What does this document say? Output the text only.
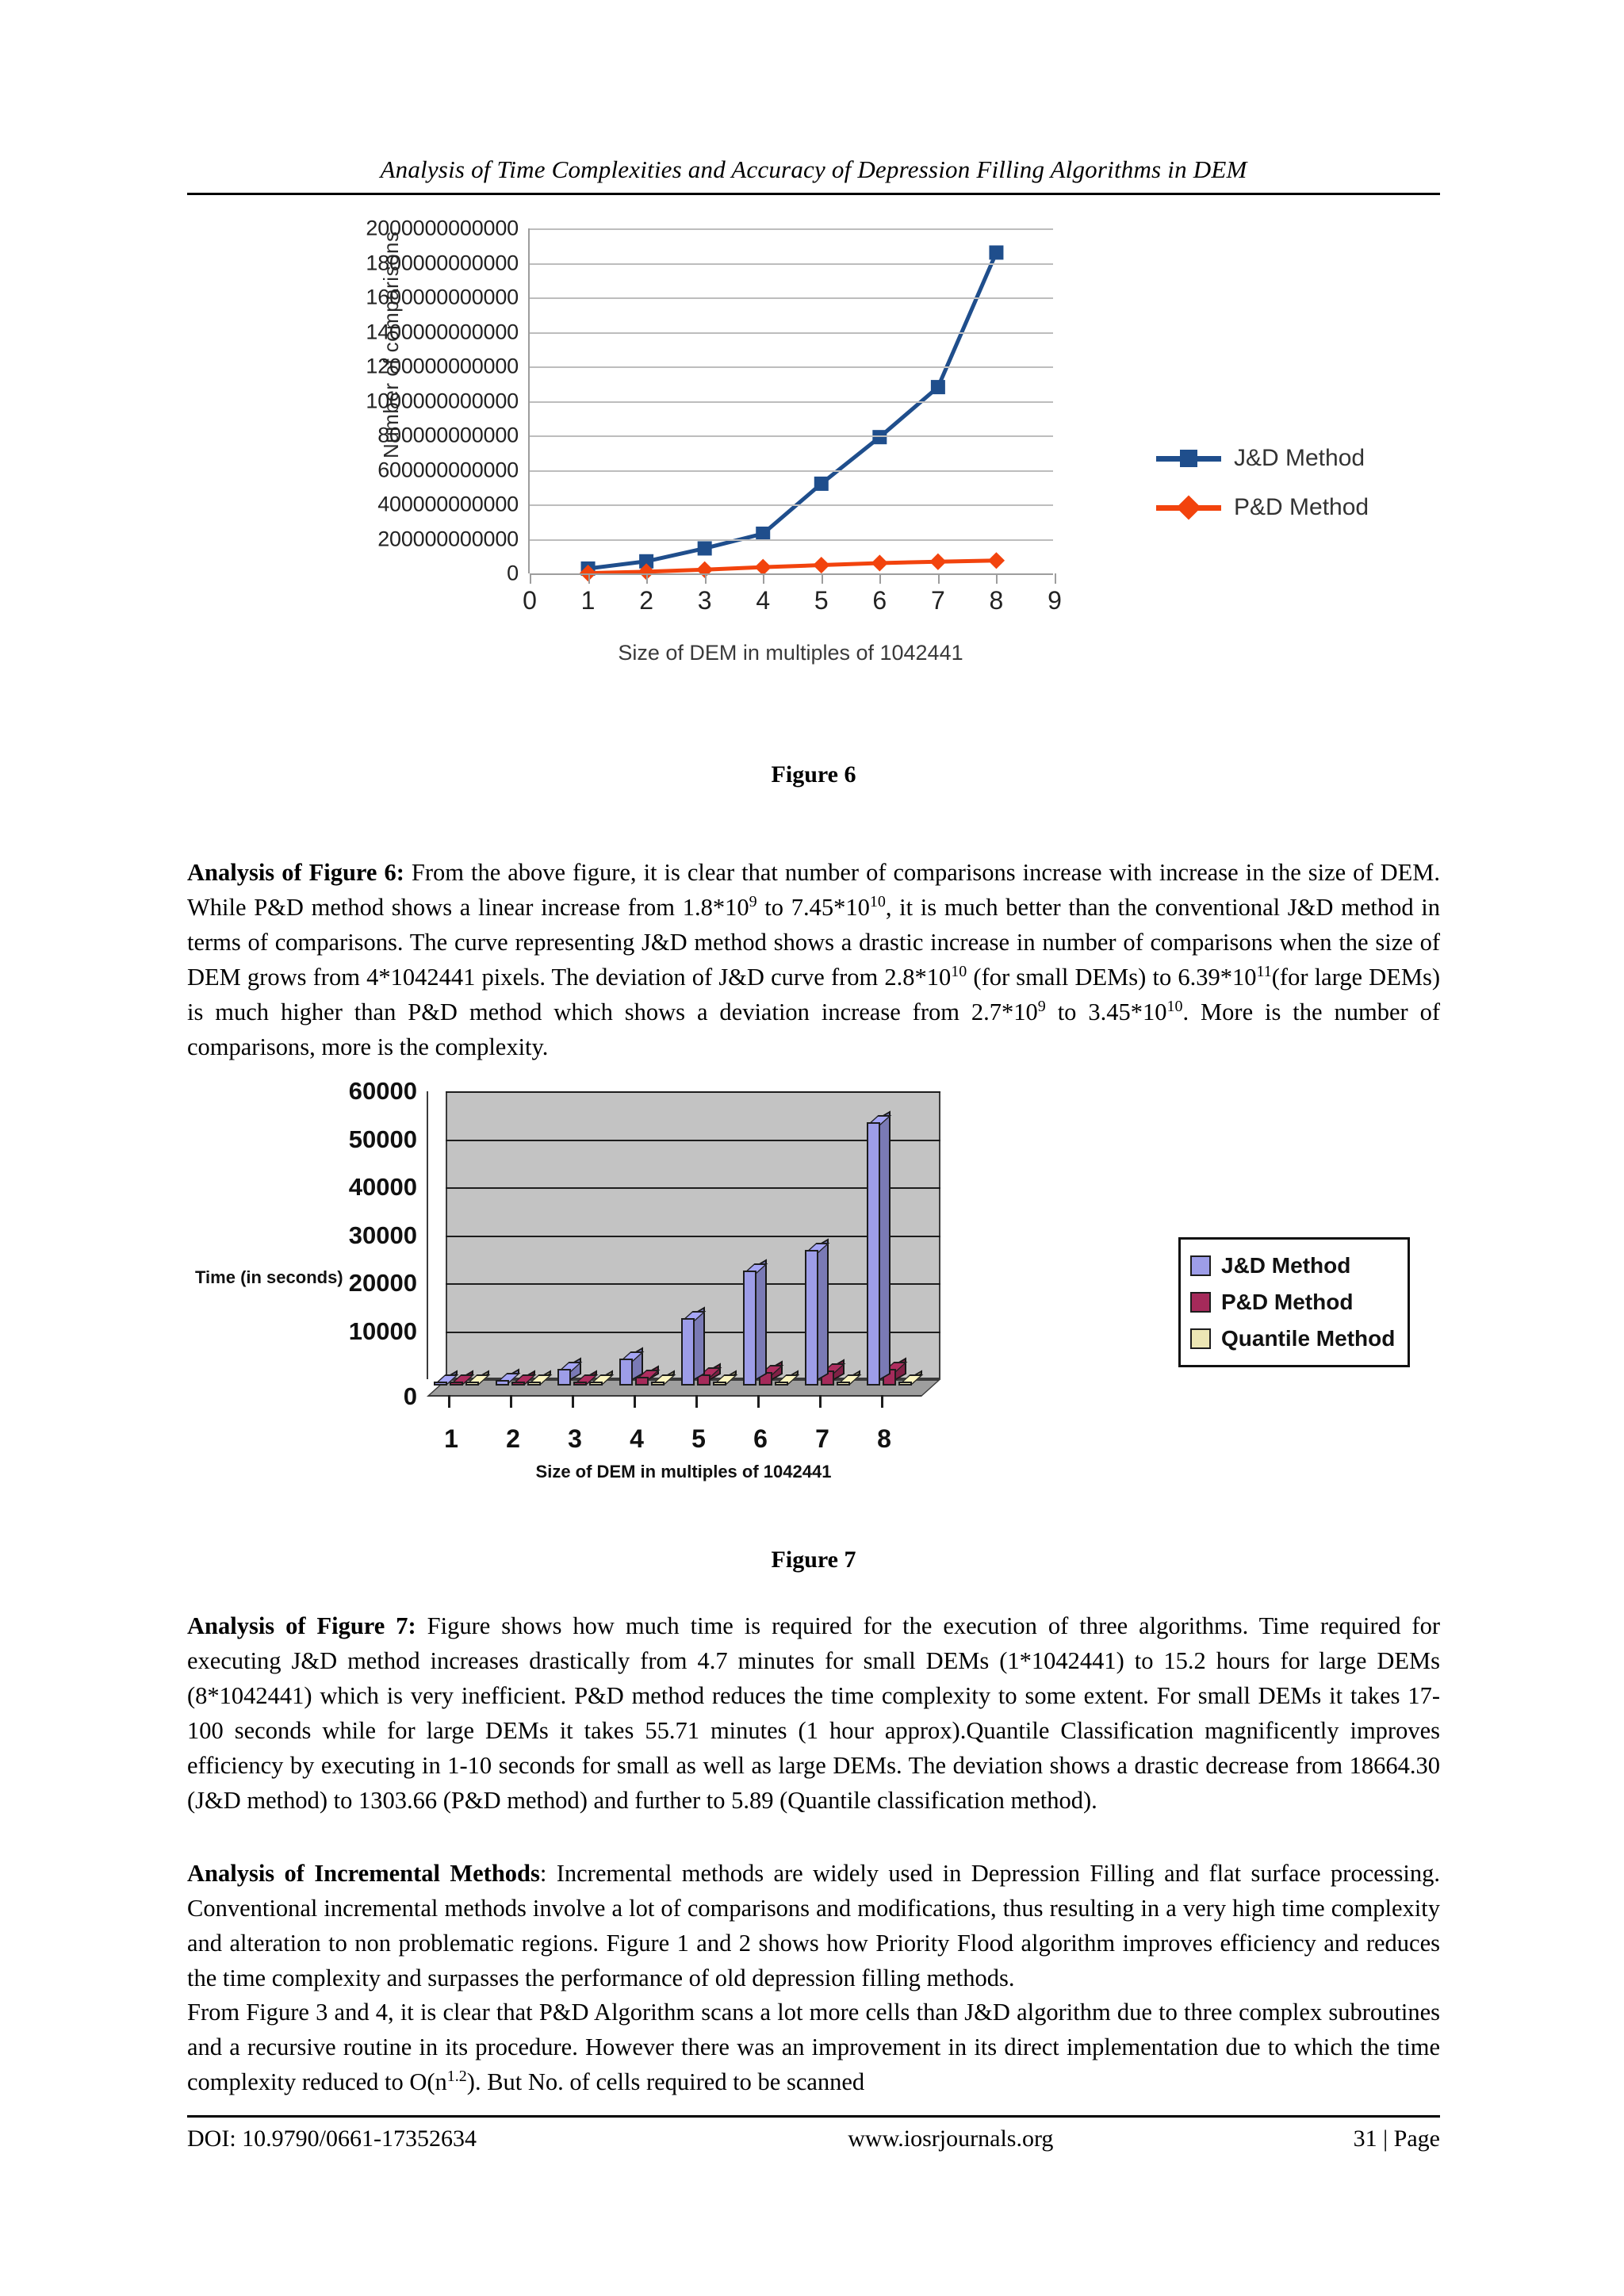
Analysis of Time Complexities and Accuracy of Depression Filling Algorithms in DEM
Number of comparisons
0
200000000000
400000000000
600000000000
800000000000
1000000000000
1200000000000
1400000000000
1600000000000
1800000000000
2000000000000
0 1 2 3 4 5 6 7 8 9
Size of DEM in multiples of 1042441
J&D Method
P&D Method
Figure 6
Analysis of Figure 6: From the above figure, it is clear that number of comparisons increase with increase in the size of DEM. While P&D method shows a linear increase from $1.8*10^9$ to $7.45*10^{10}$, it is much better than the conventional J&D method in terms of comparisons. The curve representing J&D method shows a drastic increase in number of comparisons when the size of DEM grows from 4*1042441 pixels. The deviation of J&D curve from $2.8*10^{10}$ (for small DEMs) to $6.39*10^{11}(for$ large DEMs) is much higher than P&D method which shows a deviation increase from $2.7*10^9$ to $3.45*10^{10}$. More is the number of comparisons, more is the complexity.
Time (in seconds)
0
10000
20000
30000
40000
50000
60000
Size of DEM in multiples of 1042441
J&D Method
P&D Method
Quantile Method
1 2 3 4 5 6 7 8
Figure 7
Analysis of Figure 7: Figure shows how much time is required for the execution of three algorithms. Time required for executing J&D method increases drastically from 4.7 minutes for small DEMs (1*1042441) to 15.2 hours for large DEMs (8*1042441) which is very inefficient. P&D method reduces the time complexity to some extent. For small DEMs it takes 17-100 seconds while for large DEMs it takes 55.71 minutes (1 hour approx).Quantile Classification magnificently improves efficiency by executing in 1-10 seconds for small as well as large DEMs. The deviation shows a drastic decrease from 18664.30 (J&D method) to 1303.66 (P&D method) and further to 5.89 (Quantile classification method).
Analysis of Incremental Methods: Incremental methods are widely used in Depression Filling and flat surface processing. Conventional incremental methods involve a lot of comparisons and modifications, thus resulting in a very high time complexity and alteration to non problematic regions. Figure 1 and 2 shows how Priority Flood algorithm improves efficiency and reduces the time complexity and surpasses the performance of old depression filling methods.
From Figure 3 and 4, it is clear that P&D Algorithm scans a lot more cells than J&D algorithm due to three complex subroutines and a recursive routine in its procedure. However there was an improvement in its direct implementation due to which the time complexity reduced to $O(n^{1.2})$. But No. of cells required to be scanned
DOI: 10.9790/0661-17352634	www.iosrjournals.org	31 | Page
